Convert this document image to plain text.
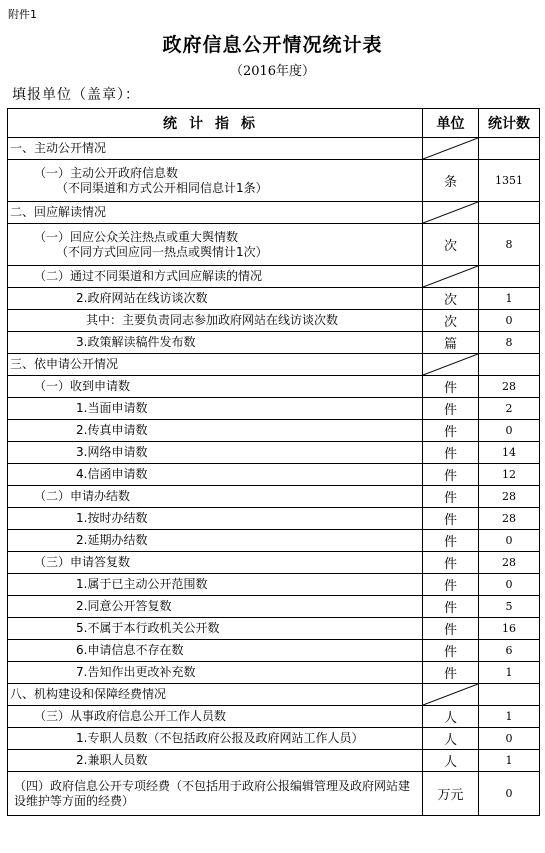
附件1
政府信息公开情况统计表
（2016年度）
填报单位（盖章）：
统计指标	单位	统计数
一、主动公开情况	

（一）主动公开政府信息数
（不同渠道和方式公开相同信息计1条）	条	1351
二、回应解读情况	

（一）回应公众关注热点或重大舆情数
（不同方式回应同一热点或舆情计1次）	次	8
（二）通过不同渠道和方式回应解读的情况	

2.政府网站在线访谈次数	次	1
其中：主要负责同志参加政府网站在线访谈次数	次	0
3.政策解读稿件发布数	篇	8
三、依申请公开情况	

（一）收到申请数	件	28
1.当面申请数	件	2
2.传真申请数	件	0
3.网络申请数	件	14
4.信函申请数	件	12
（二）申请办结数	件	28
1.按时办结数	件	28
2.延期办结数	件	0
（三）申请答复数	件	28
1.属于已主动公开范围数	件	0
2.同意公开答复数	件	5
5.不属于本行政机关公开数	件	16
6.申请信息不存在数	件	6
7.告知作出更改补充数	件	1
八、机构建设和保障经费情况	

（三）从事政府信息公开工作人员数	人	1
1.专职人员数（不包括政府公报及政府网站工作人员）	人	0
2.兼职人员数	人	1
（四）政府信息公开专项经费（不包括用于政府公报编辑管理及政府网站建设维护等方面的经费）	万元	0
